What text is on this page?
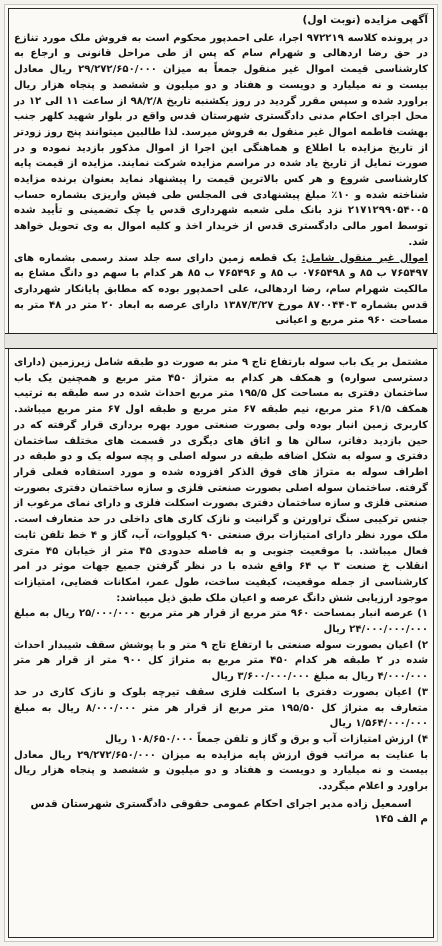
آگهی مزایده (نوبت اول)

در پرونده کلاسه ۹۷۲۲۱۹ اجرا، علی احمدپور محکوم است به فروش ملک مورد تنازع در حق رضا اردهالی و شهرام سام که پس از طی مراحل قانونی و ارجاع به کارشناسی قیمت اموال غیر منقول جمعاً به میزان ۲۹/۲۷۲/۶۵۰/۰۰۰ ریال معادل بیست و نه میلیارد و دویست و هفتاد و دو میلیون و ششصد و پنجاه هزار ریال براورد شده و سپس مقرر گردید در روز یکشنبه تاریخ ۹۸/۲/۸ از ساعت ۱۱ الی ۱۲ در محل اجرای احکام مدنی دادگستری شهرستان قدس واقع در بلوار شهید کلهر جنب بهشت فاطمه اموال غیر منقول به فروش میرسد. لذا طالبین میتوانند پنج روز زودتر از تاریخ مزایده با اطلاع و هماهنگی این اجرا از اموال مذکور بازدید نموده و در صورت تمایل از تاریخ یاد شده در مراسم مزایده شرکت نمایند. مزایده از قیمت پایه کارشناسی شروع و هر کس بالاترین قیمت را پیشنهاد نماید بعنوان برنده مزایده شناخته شده و ۱۰٪ مبلغ پیشنهادی فی المجلس طی فیش واریزی بشماره حساب ۲۱۷۱۲۹۹۰۵۴۰۰۵ نزد بانک ملی شعبه شهرداری قدس یا چک تضمینی و تأیید شده توسط امور مالی دادگستری قدس از خریدار اخذ و کلیه اموال به وی تحویل خواهد شد.

اموال غیر منقول شامل: یک قطعه زمین دارای سه جلد سند رسمی بشماره های ۷۶۵۴۹۷ ب ۸۵ و ۰۷۶۵۴۹۸ ب ۸۵ و ۷۶۵۴۹۶ ب ۸۵ هر کدام با سهم دو دانگ مشاع به مالکیت شهرام سام، رضا اردهالی، علی احمدپور بوده که مطابق پایانکار شهرداری قدس بشماره ۸۷۰۰۴۴۰۳ مورخ ۱۳۸۷/۳/۲۷ دارای عرصه به ابعاد ۲۰ متر در ۴۸ متر به مساحت ۹۶۰ متر مربع و اعیانی

مشتمل بر یک باب سوله بارتفاع تاج ۹ متر به صورت دو طبقه شامل زیرزمین (دارای دسترسی سواره) و همکف هر کدام به متراژ ۴۵۰ متر مربع و همچنین یک باب ساختمان دفتری به مساحت کل ۱۹۵/۵ متر مربع احداث شده در سه طبقه به ترتیب همکف ۶۱/۵ متر مربع، نیم طبقه ۶۷ متر مربع و طبقه اول ۶۷ متر مربع میباشد. کاربری زمین انبار بوده ولی بصورت صنعتی مورد بهره برداری قرار گرفته که در حین بازدید دفاتر، سالن ها و اتاق های دیگری در قسمت های مختلف ساختمان دفتری و سوله به شکل اضافه طبقه در سوله اصلی و پچه سوله یک و دو طبقه در اطراف سوله به متراژ های فوق الذکر افزوده شده و مورد استفاده فعلی قرار گرفته. ساختمان سوله اصلی بصورت صنعتی فلزی و سازه ساختمان دفتری بصورت صنعتی فلزی و سازه ساختمان دفتری بصورت اسکلت فلزی و دارای نمای مرغوب از جنس ترکیبی سنگ تراورتن و گرانیت و نازک کاری های داخلی در حد متعارف است. ملک مورد نظر دارای امتیازات برق صنعتی ۹۰ کیلووات، آب، گاز و ۴ خط تلفن ثابت فعال میباشد. با موقعیت جنوبی و به فاصله حدودی ۴۵ متر از خیابان ۴۵ متری انقلاب خ صنعت ۳ پ ۶۴ واقع شده با در نظر گرفتن جمیع جهات موثر در امر کارشناسی از جمله موقعیت، کیفیت ساخت، طول عمر، امکانات فضایی، امتیازات موجود ارزیابی شش دانگ عرصه و اعیان ملک طبق ذیل میباشد:

۱) عرصه انبار بمساحت ۹۶۰ متر مربع از قرار هر متر مربع ۲۵/۰۰۰/۰۰۰ ریال به مبلغ ۲۴/۰۰۰/۰۰۰/۰۰۰ ریال
۲) اعیان بصورت سوله صنعتی با ارتفاع تاج ۹ متر و با پوشش سقف شیبدار احداث شده در ۲ طبقه هر کدام ۴۵۰ متر مربع به متراژ کل ۹۰۰ متر از قرار هر متر ۴/۰۰۰/۰۰۰ ریال به مبلغ ۳/۶۰۰/۰۰۰/۰۰۰ ریال
۳) اعیان بصورت دفتری با اسکلت فلزی سقف تیرچه بلوک و نازک کاری در حد متعارف به متراژ کل ۱۹۵/۵۰ متر مربع از قرار هر متر ۸/۰۰۰/۰۰۰ ریال به مبلغ ۱/۵۶۴/۰۰۰/۰۰۰ ریال
۴) ارزش امتیازات آب و برق و گاز و تلفن جمعاً ۱۰۸/۶۵۰/۰۰۰ ریال

با عنایت به مراتب فوق ارزش پایه مزایده به میزان ۲۹/۲۷۲/۶۵۰/۰۰۰ ریال معادل بیست و نه میلیارد و دویست و هفتاد و دو میلیون و ششصد و پنجاه هزار ریال براورد و اعلام میگردد.

اسمعیل زاده مدیر اجرای احکام عمومی حقوقی دادگستری شهرستان قدس
م الف ۱۴۵
